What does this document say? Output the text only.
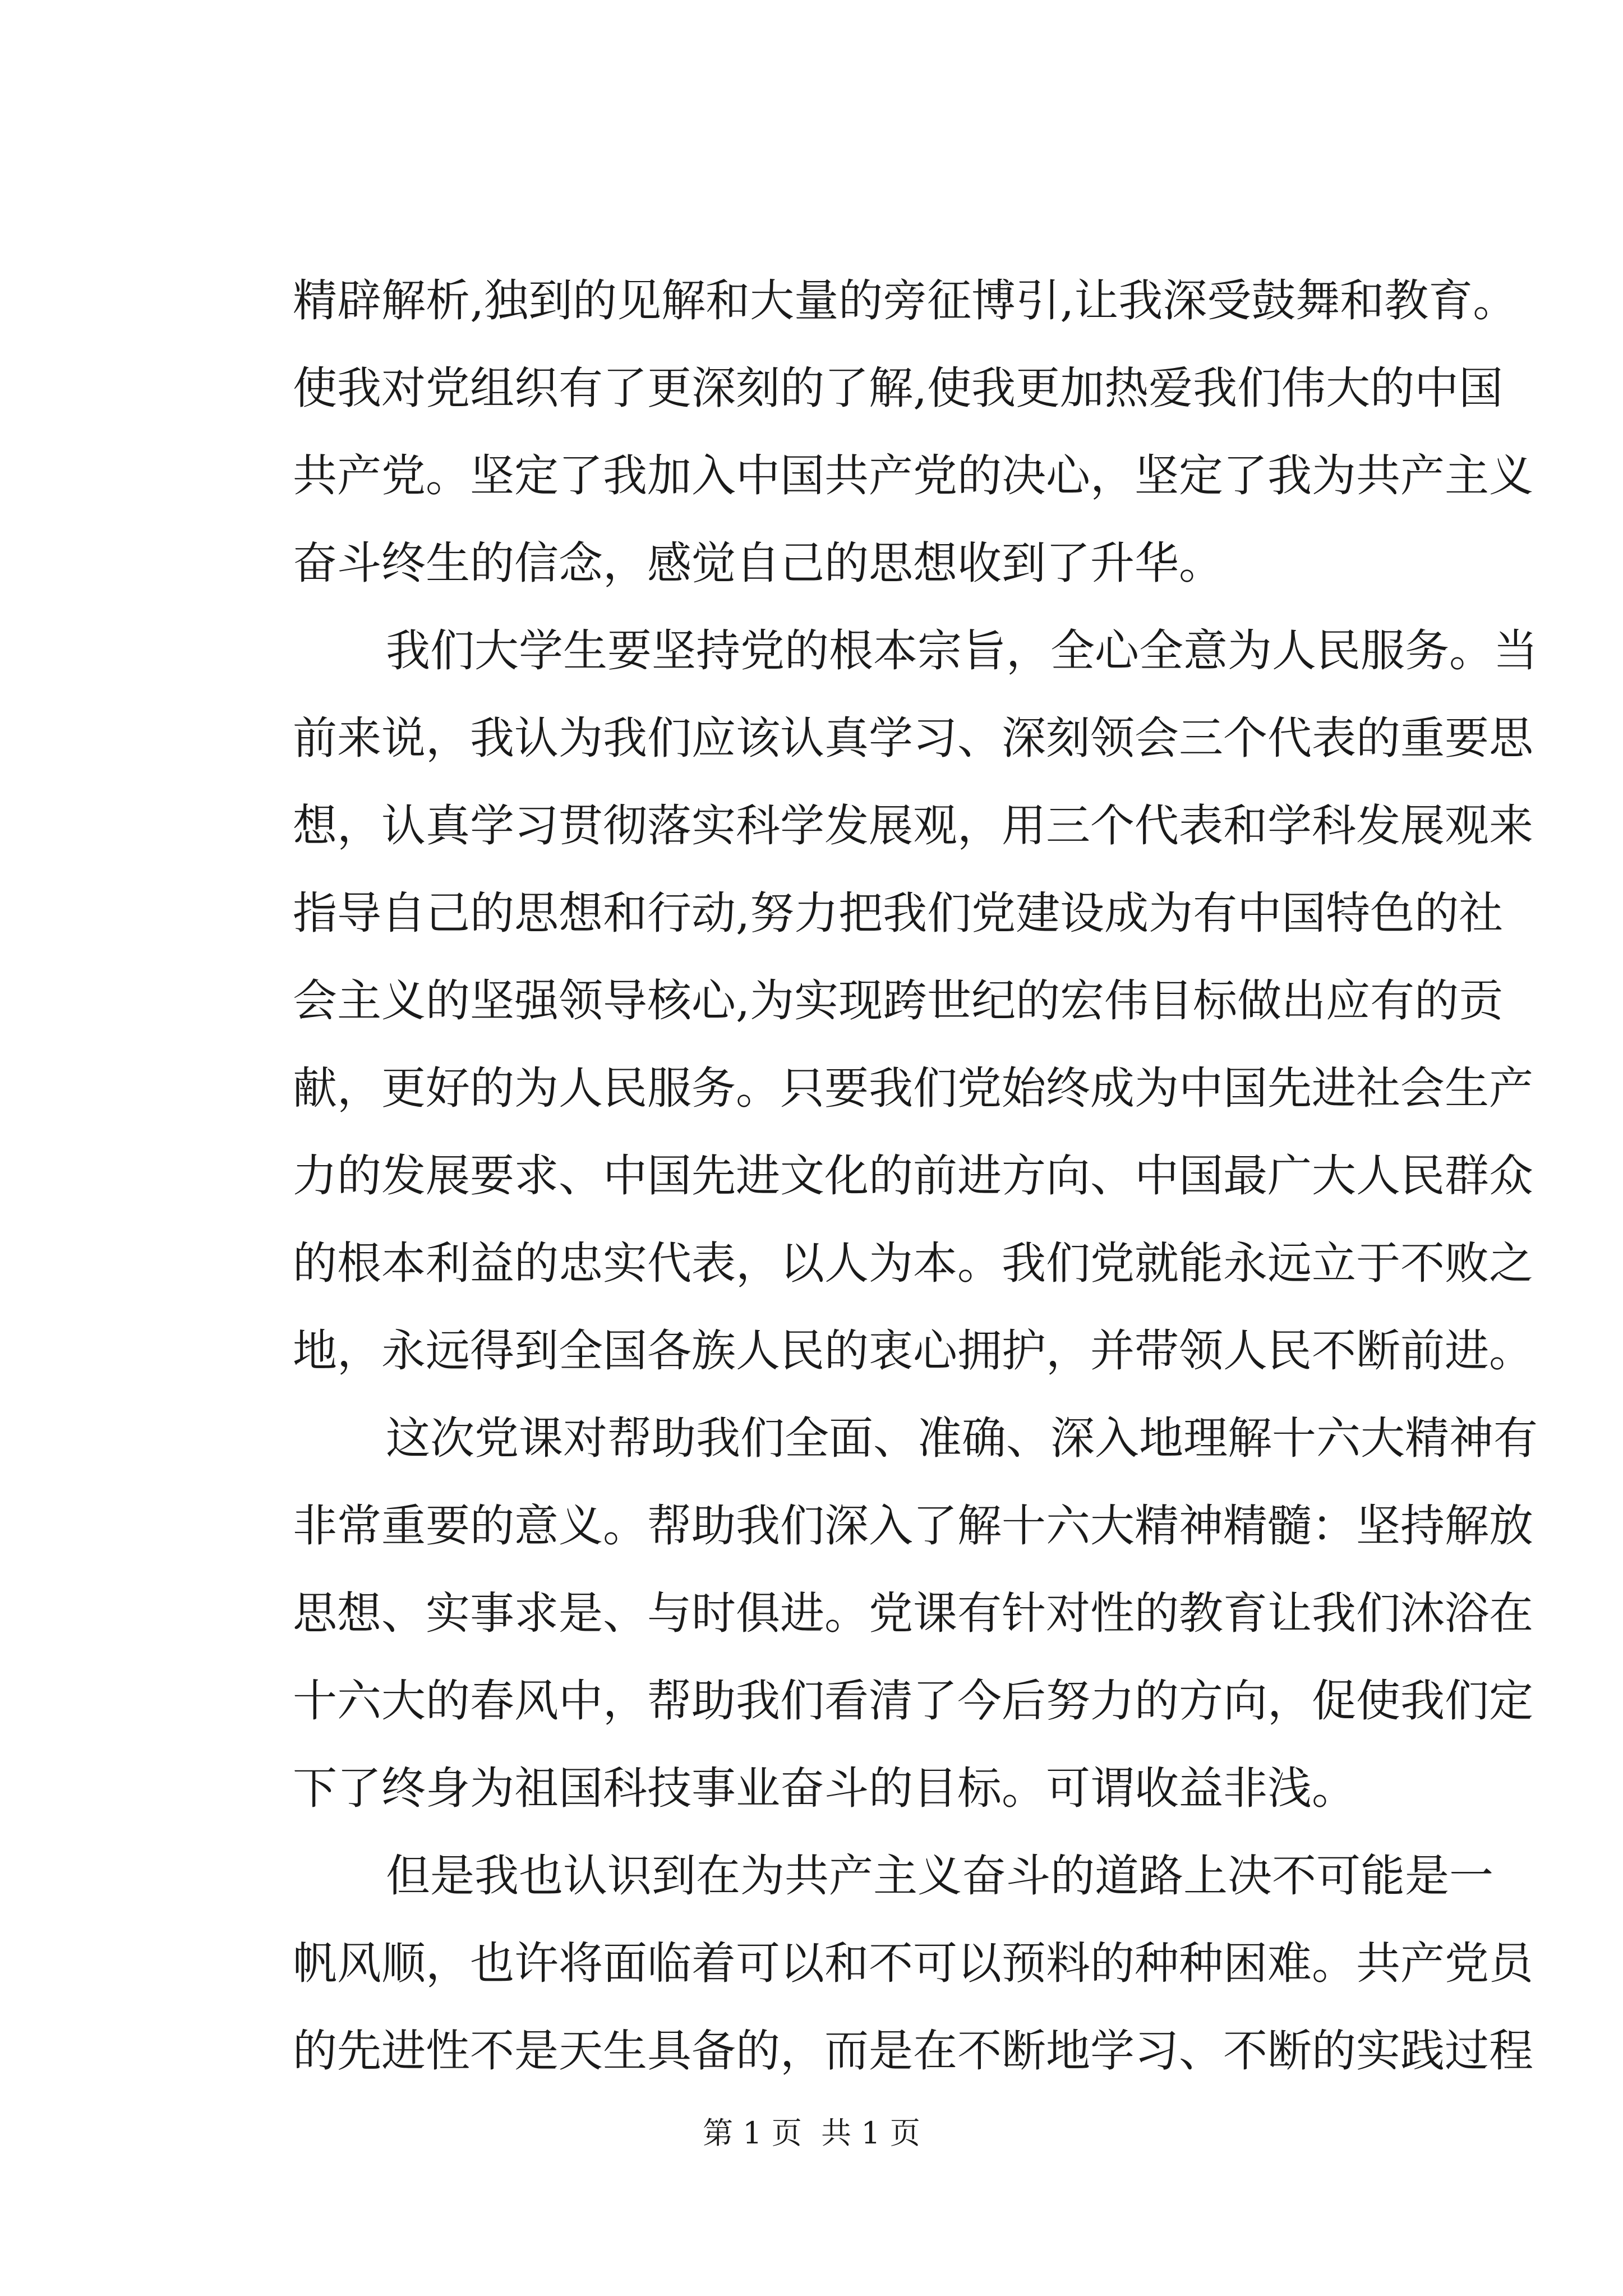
精辟解析,独到的见解和大量的旁征博引,让我深受鼓舞和教育。
使我对党组织有了更深刻的了解,使我更加热爱我们伟大的中国
共产党。坚定了我加入中国共产党的决心，坚定了我为共产主义
奋斗终生的信念，感觉自己的思想收到了升华。
我们大学生要坚持党的根本宗旨，全心全意为人民服务。当
前来说，我认为我们应该认真学习、深刻领会三个代表的重要思
想，认真学习贯彻落实科学发展观，用三个代表和学科发展观来
指导自己的思想和行动,努力把我们党建设成为有中国特色的社
会主义的坚强领导核心,为实现跨世纪的宏伟目标做出应有的贡
献，更好的为人民服务。只要我们党始终成为中国先进社会生产
力的发展要求、中国先进文化的前进方向、中国最广大人民群众
的根本利益的忠实代表，以人为本。我们党就能永远立于不败之
地，永远得到全国各族人民的衷心拥护，并带领人民不断前进。
这次党课对帮助我们全面、准确、深入地理解十六大精神有
非常重要的意义。帮助我们深入了解十六大精神精髓：坚持解放
思想、实事求是、与时俱进。党课有针对性的教育让我们沐浴在
十六大的春风中，帮助我们看清了今后努力的方向，促使我们定
下了终身为祖国科技事业奋斗的目标。可谓收益非浅。
但是我也认识到在为共产主义奋斗的道路上决不可能是一
帆风顺，也许将面临着可以和不可以预料的种种困难。共产党员
的先进性不是天生具备的，而是在不断地学习、不断的实践过程
第 1 页  共 1 页
